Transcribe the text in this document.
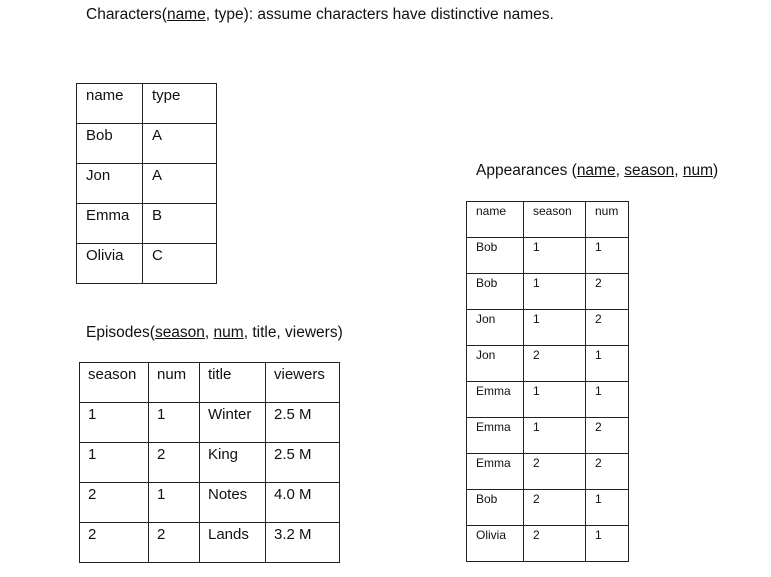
Characters(name, type): assume characters have distinctive names.

name	type
Bob	A
Jon	A
Emma	B
Olivia	C

Appearances (name, season, num)

name	season	num
Bob	1	1
Bob	1	2
Jon	1	2
Jon	2	1
Emma	1	1
Emma	1	2
Emma	2	2
Bob	2	1
Olivia	2	1

Episodes(season, num, title, viewers)

season	num	title	viewers
1	1	Winter	2.5 M
1	2	King	2.5 M
2	1	Notes	4.0 M
2	2	Lands	3.2 M
